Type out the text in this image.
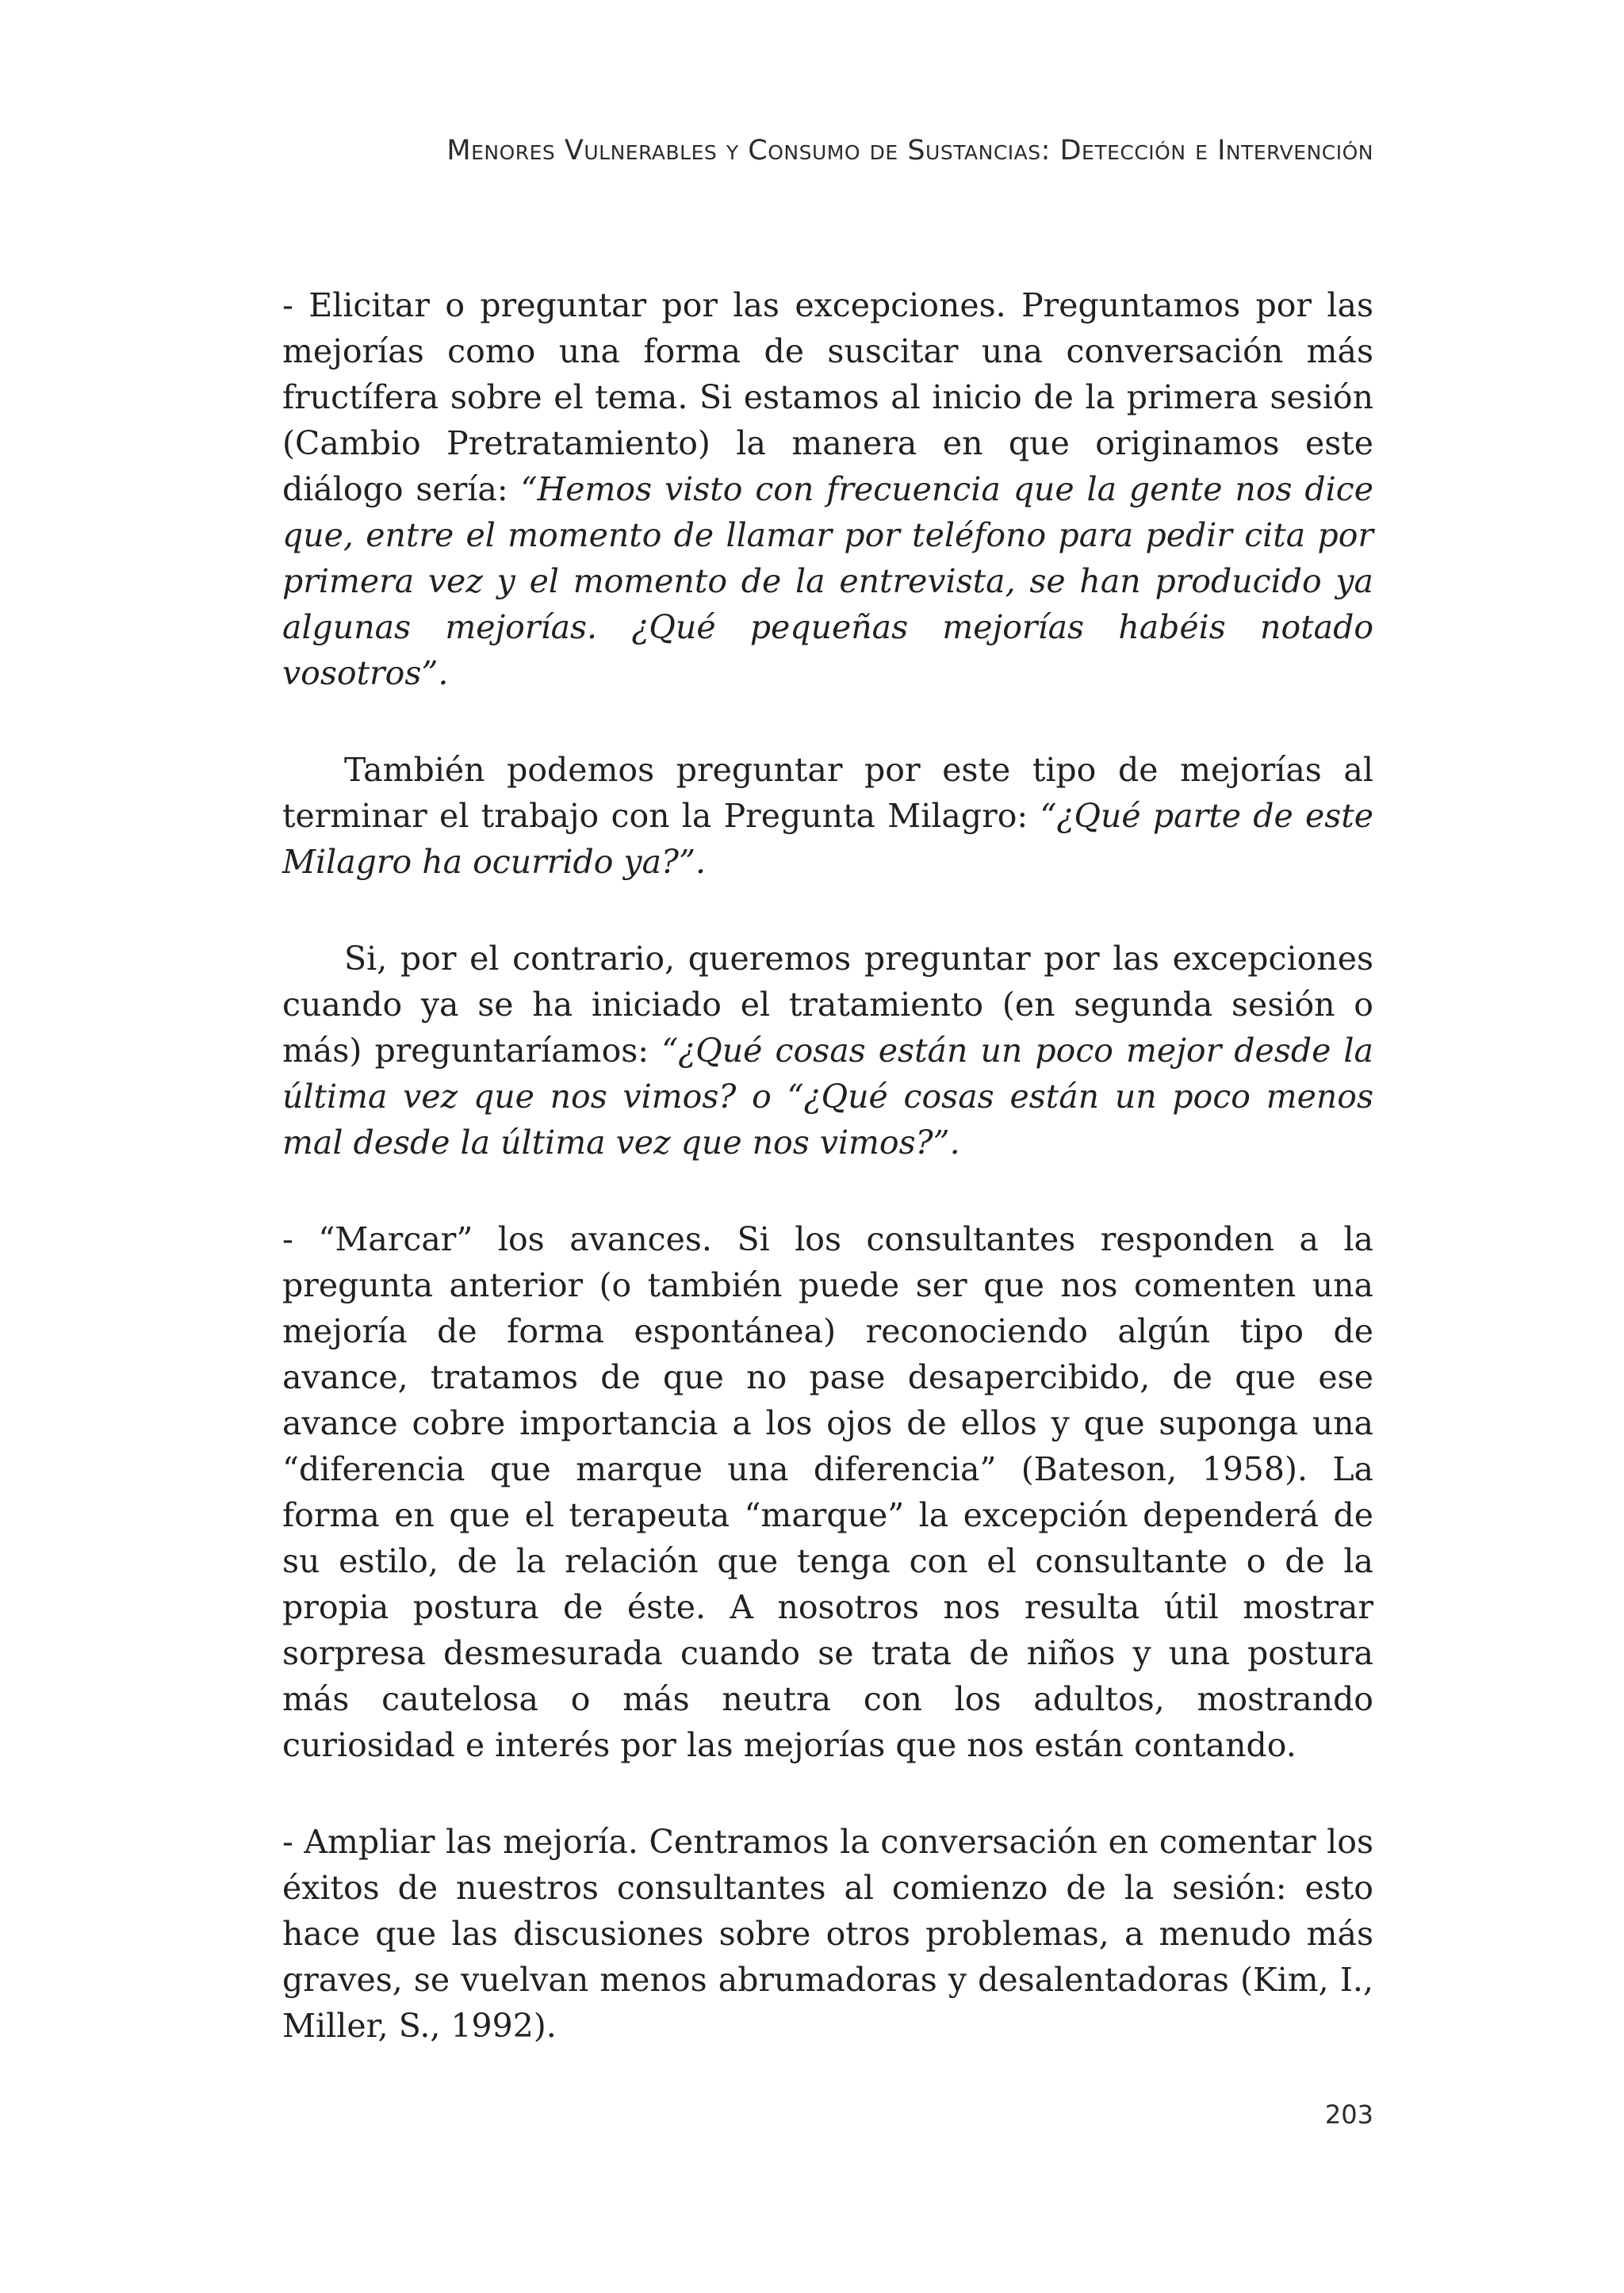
Menores Vulnerables y Consumo de Sustancias: Detección e Intervención

- Elicitar o preguntar por las excepciones. Preguntamos por las mejorías como una forma de suscitar una conversación más fructífera sobre el tema. Si estamos al inicio de la primera sesión (Cambio Pretratamiento) la manera en que originamos este diálogo sería: “Hemos visto con frecuencia que la gente nos dice que, entre el momento de llamar por teléfono para pedir cita por primera vez y el momento de la entrevista, se han producido ya algunas mejorías. ¿Qué pequeñas mejorías habéis notado vosotros”.

También podemos preguntar por este tipo de mejorías al terminar el trabajo con la Pregunta Milagro: “¿Qué parte de este Milagro ha ocurrido ya?”.

Si, por el contrario, queremos preguntar por las excepciones cuando ya se ha iniciado el tratamiento (en segunda sesión o más) preguntaríamos: “¿Qué cosas están un poco mejor desde la última vez que nos vimos? o “¿Qué cosas están un poco menos mal desde la última vez que nos vimos?”.

- “Marcar” los avances. Si los consultantes responden a la pregunta anterior (o también puede ser que nos comenten una mejoría de forma espontánea) reconociendo algún tipo de avance, tratamos de que no pase desapercibido, de que ese avance cobre importancia a los ojos de ellos y que suponga una “diferencia que marque una diferencia” (Bateson, 1958). La forma en que el terapeuta “marque” la excepción dependerá de su estilo, de la relación que tenga con el consultante o de la propia postura de éste. A nosotros nos resulta útil mostrar sorpresa desmesurada cuando se trata de niños y una postura más cautelosa o más neutra con los adultos, mostrando curiosidad e interés por las mejorías que nos están contando.

- Ampliar las mejoría. Centramos la conversación en comentar los éxitos de nuestros consultantes al comienzo de la sesión: esto hace que las discusiones sobre otros problemas, a menudo más graves, se vuelvan menos abrumadoras y desalentadoras (Kim, I., Miller, S., 1992).

203
